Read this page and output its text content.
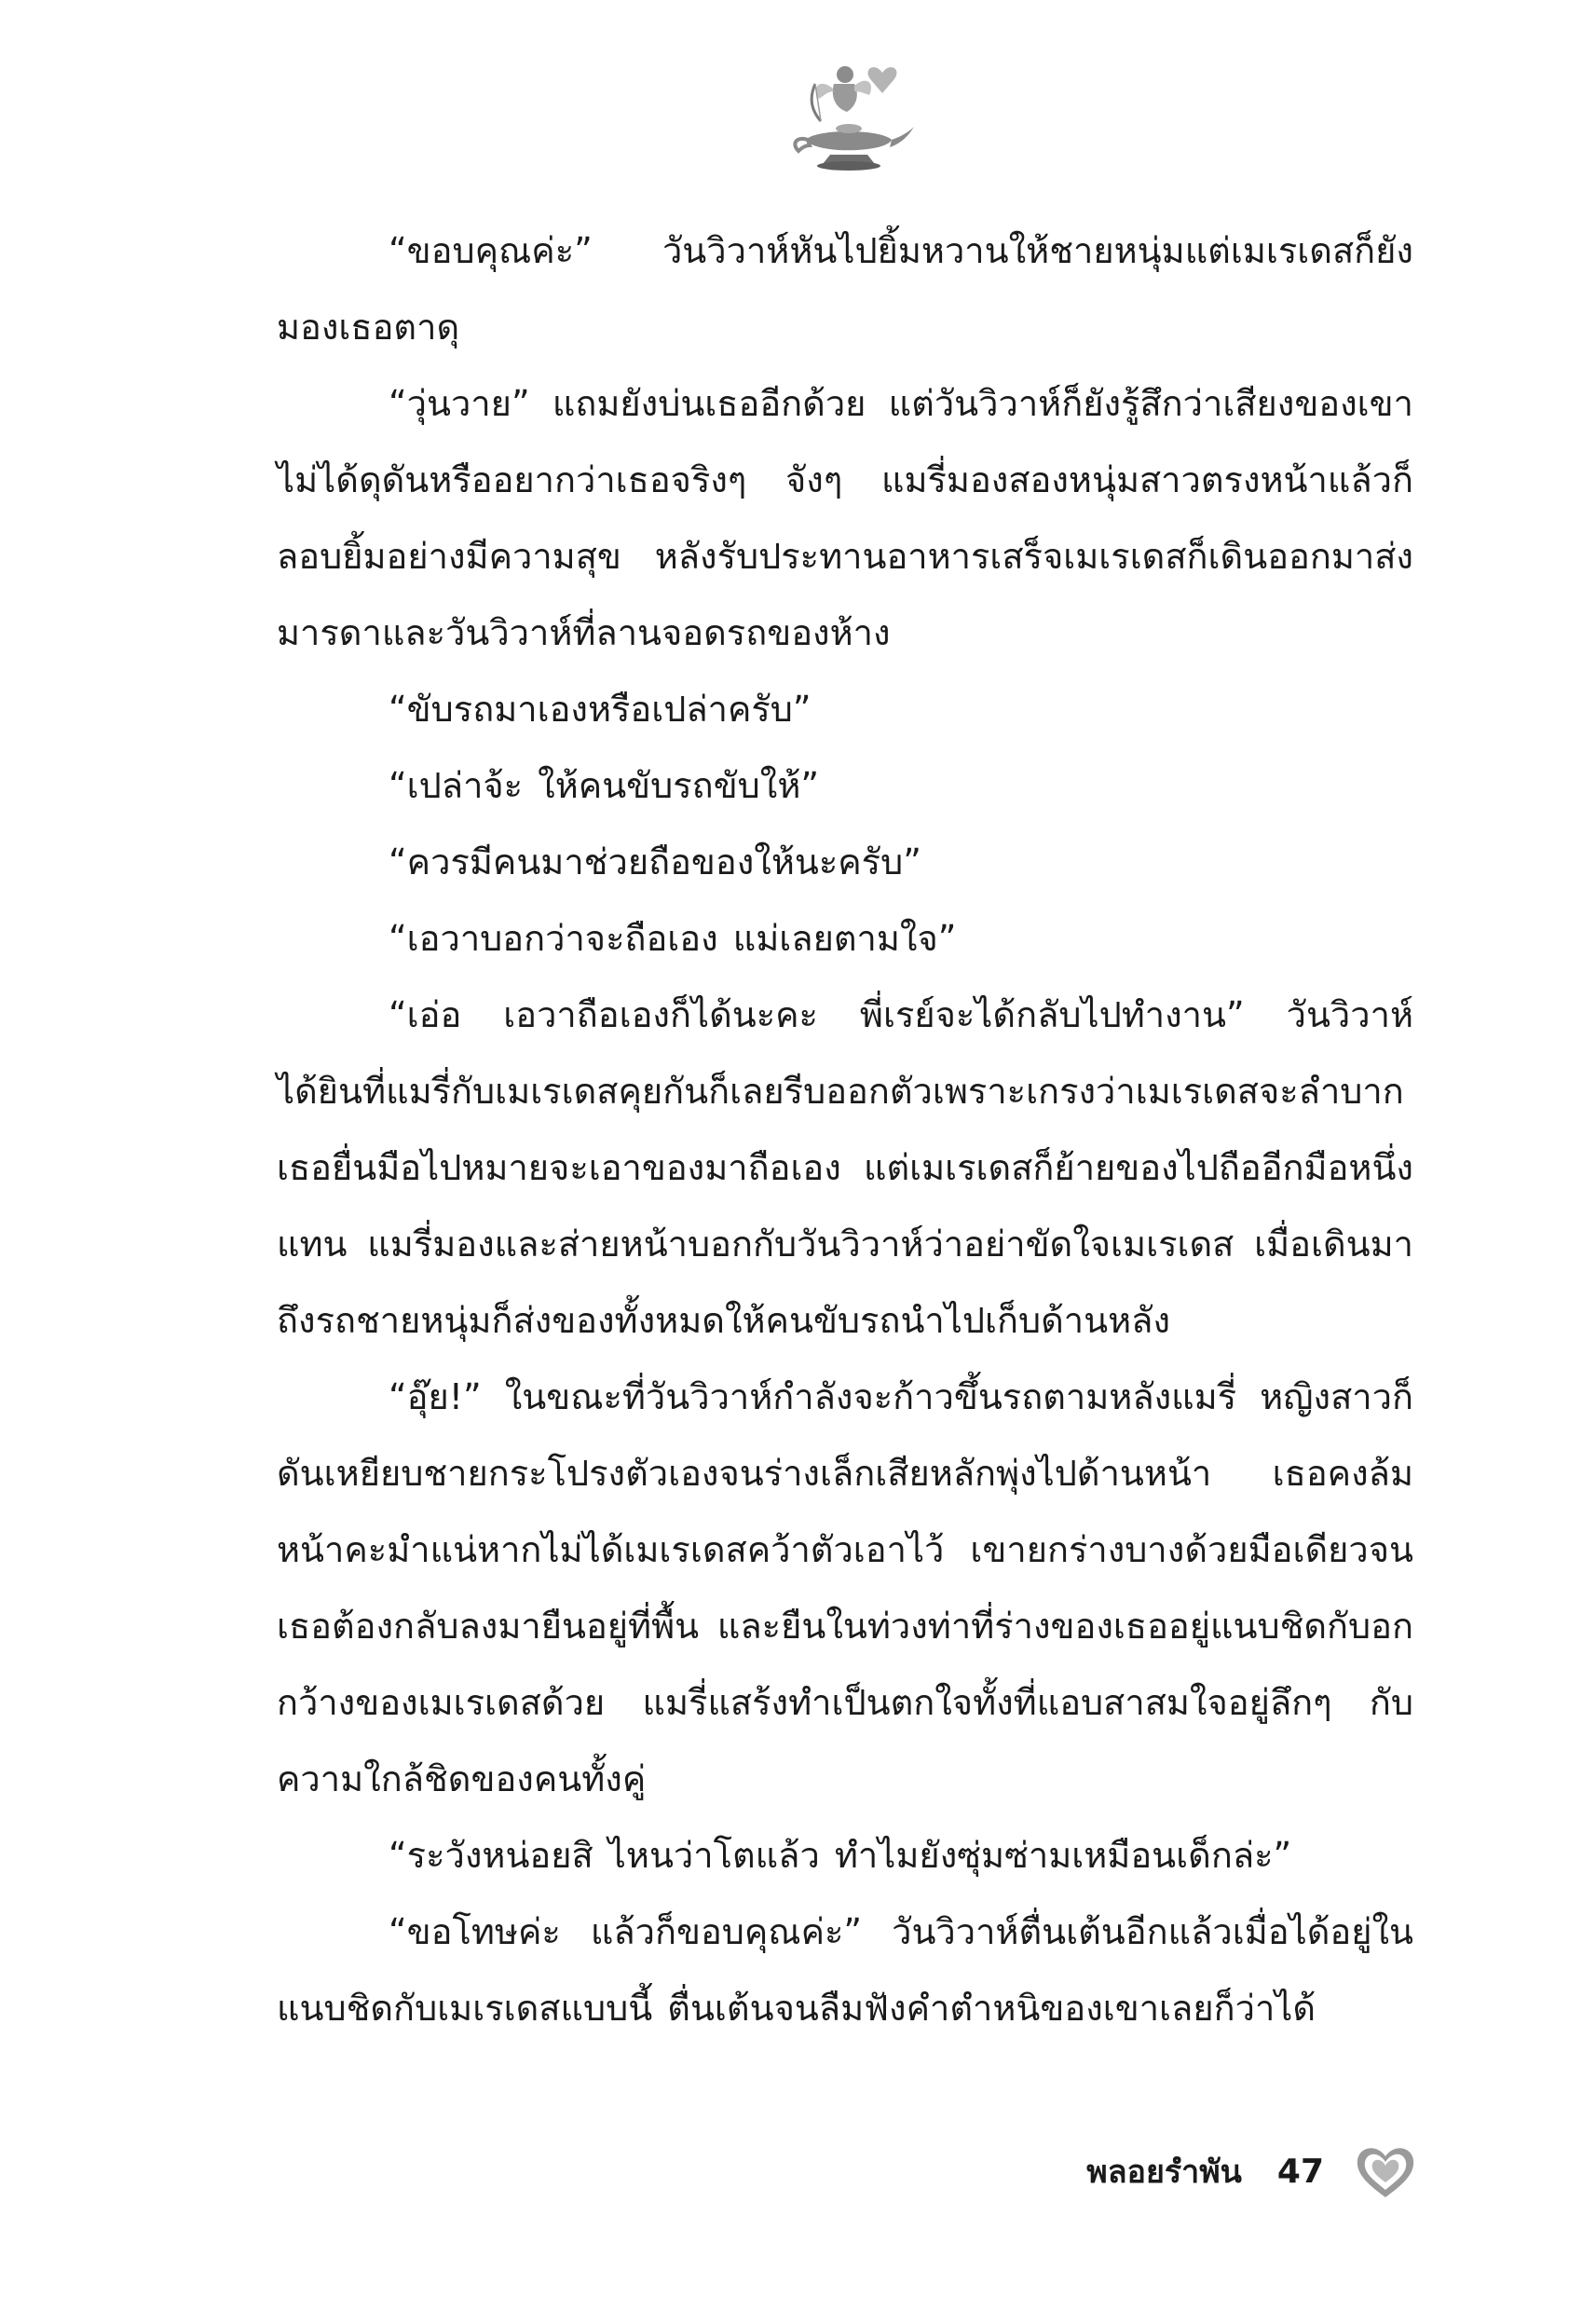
“ขอบคุณค่ะ” วันวิวาห์หันไปยิ้มหวานให้ชายหนุ่มแต่เมเรเดสก็ยังมองเธอตาดุ

“วุ่นวาย” แถมยังบ่นเธออีกด้วย แต่วันวิวาห์ก็ยังรู้สึกว่าเสียงของเขาไม่ได้ดุดันหรืออยากว่าเธอจริงๆ จังๆ แมรี่มองสองหนุ่มสาวตรงหน้าแล้วก็ลอบยิ้มอย่างมีความสุข หลังรับประทานอาหารเสร็จเมเรเดสก็เดินออกมาส่งมารดาและวันวิวาห์ที่ลานจอดรถของห้าง

“ขับรถมาเองหรือเปล่าครับ”

“เปล่าจ้ะ ให้คนขับรถขับให้”

“ควรมีคนมาช่วยถือของให้นะครับ”

“เอวาบอกว่าจะถือเอง แม่เลยตามใจ”

“เอ่อ เอวาถือเองก็ได้นะคะ พี่เรย์จะได้กลับไปทำงาน” วันวิวาห์ได้ยินที่แมรี่กับเมเรเดสคุยกันก็เลยรีบออกตัวเพราะเกรงว่าเมเรเดสจะลำบาก เธอยื่นมือไปหมายจะเอาของมาถือเอง แต่เมเรเดสก็ย้ายของไปถืออีกมือหนึ่งแทน แมรี่มองและส่ายหน้าบอกกับวันวิวาห์ว่าอย่าขัดใจเมเรเดส เมื่อเดินมาถึงรถชายหนุ่มก็ส่งของทั้งหมดให้คนขับรถนำไปเก็บด้านหลัง

“อุ๊ย!” ในขณะที่วันวิวาห์กำลังจะก้าวขึ้นรถตามหลังแมรี่ หญิงสาวก็ดันเหยียบชายกระโปรงตัวเองจนร่างเล็กเสียหลักพุ่งไปด้านหน้า เธอคงล้มหน้าคะมำแน่หากไม่ได้เมเรเดสคว้าตัวเอาไว้ เขายกร่างบางด้วยมือเดียวจนเธอต้องกลับลงมายืนอยู่ที่พื้น และยืนในท่วงท่าที่ร่างของเธออยู่แนบชิดกับอกกว้างของเมเรเดสด้วย แมรี่แสร้งทำเป็นตกใจทั้งที่แอบสาสมใจอยู่ลึกๆ กับความใกล้ชิดของคนทั้งคู่

“ระวังหน่อยสิ ไหนว่าโตแล้ว ทำไมยังซุ่มซ่ามเหมือนเด็กล่ะ”

“ขอโทษค่ะ แล้วก็ขอบคุณค่ะ” วันวิวาห์ตื่นเต้นอีกแล้วเมื่อได้อยู่ในแนบชิดกับเมเรเดสแบบนี้ ตื่นเต้นจนลืมฟังคำตำหนิของเขาเลยก็ว่าได้

พลอยรำพัน 47
